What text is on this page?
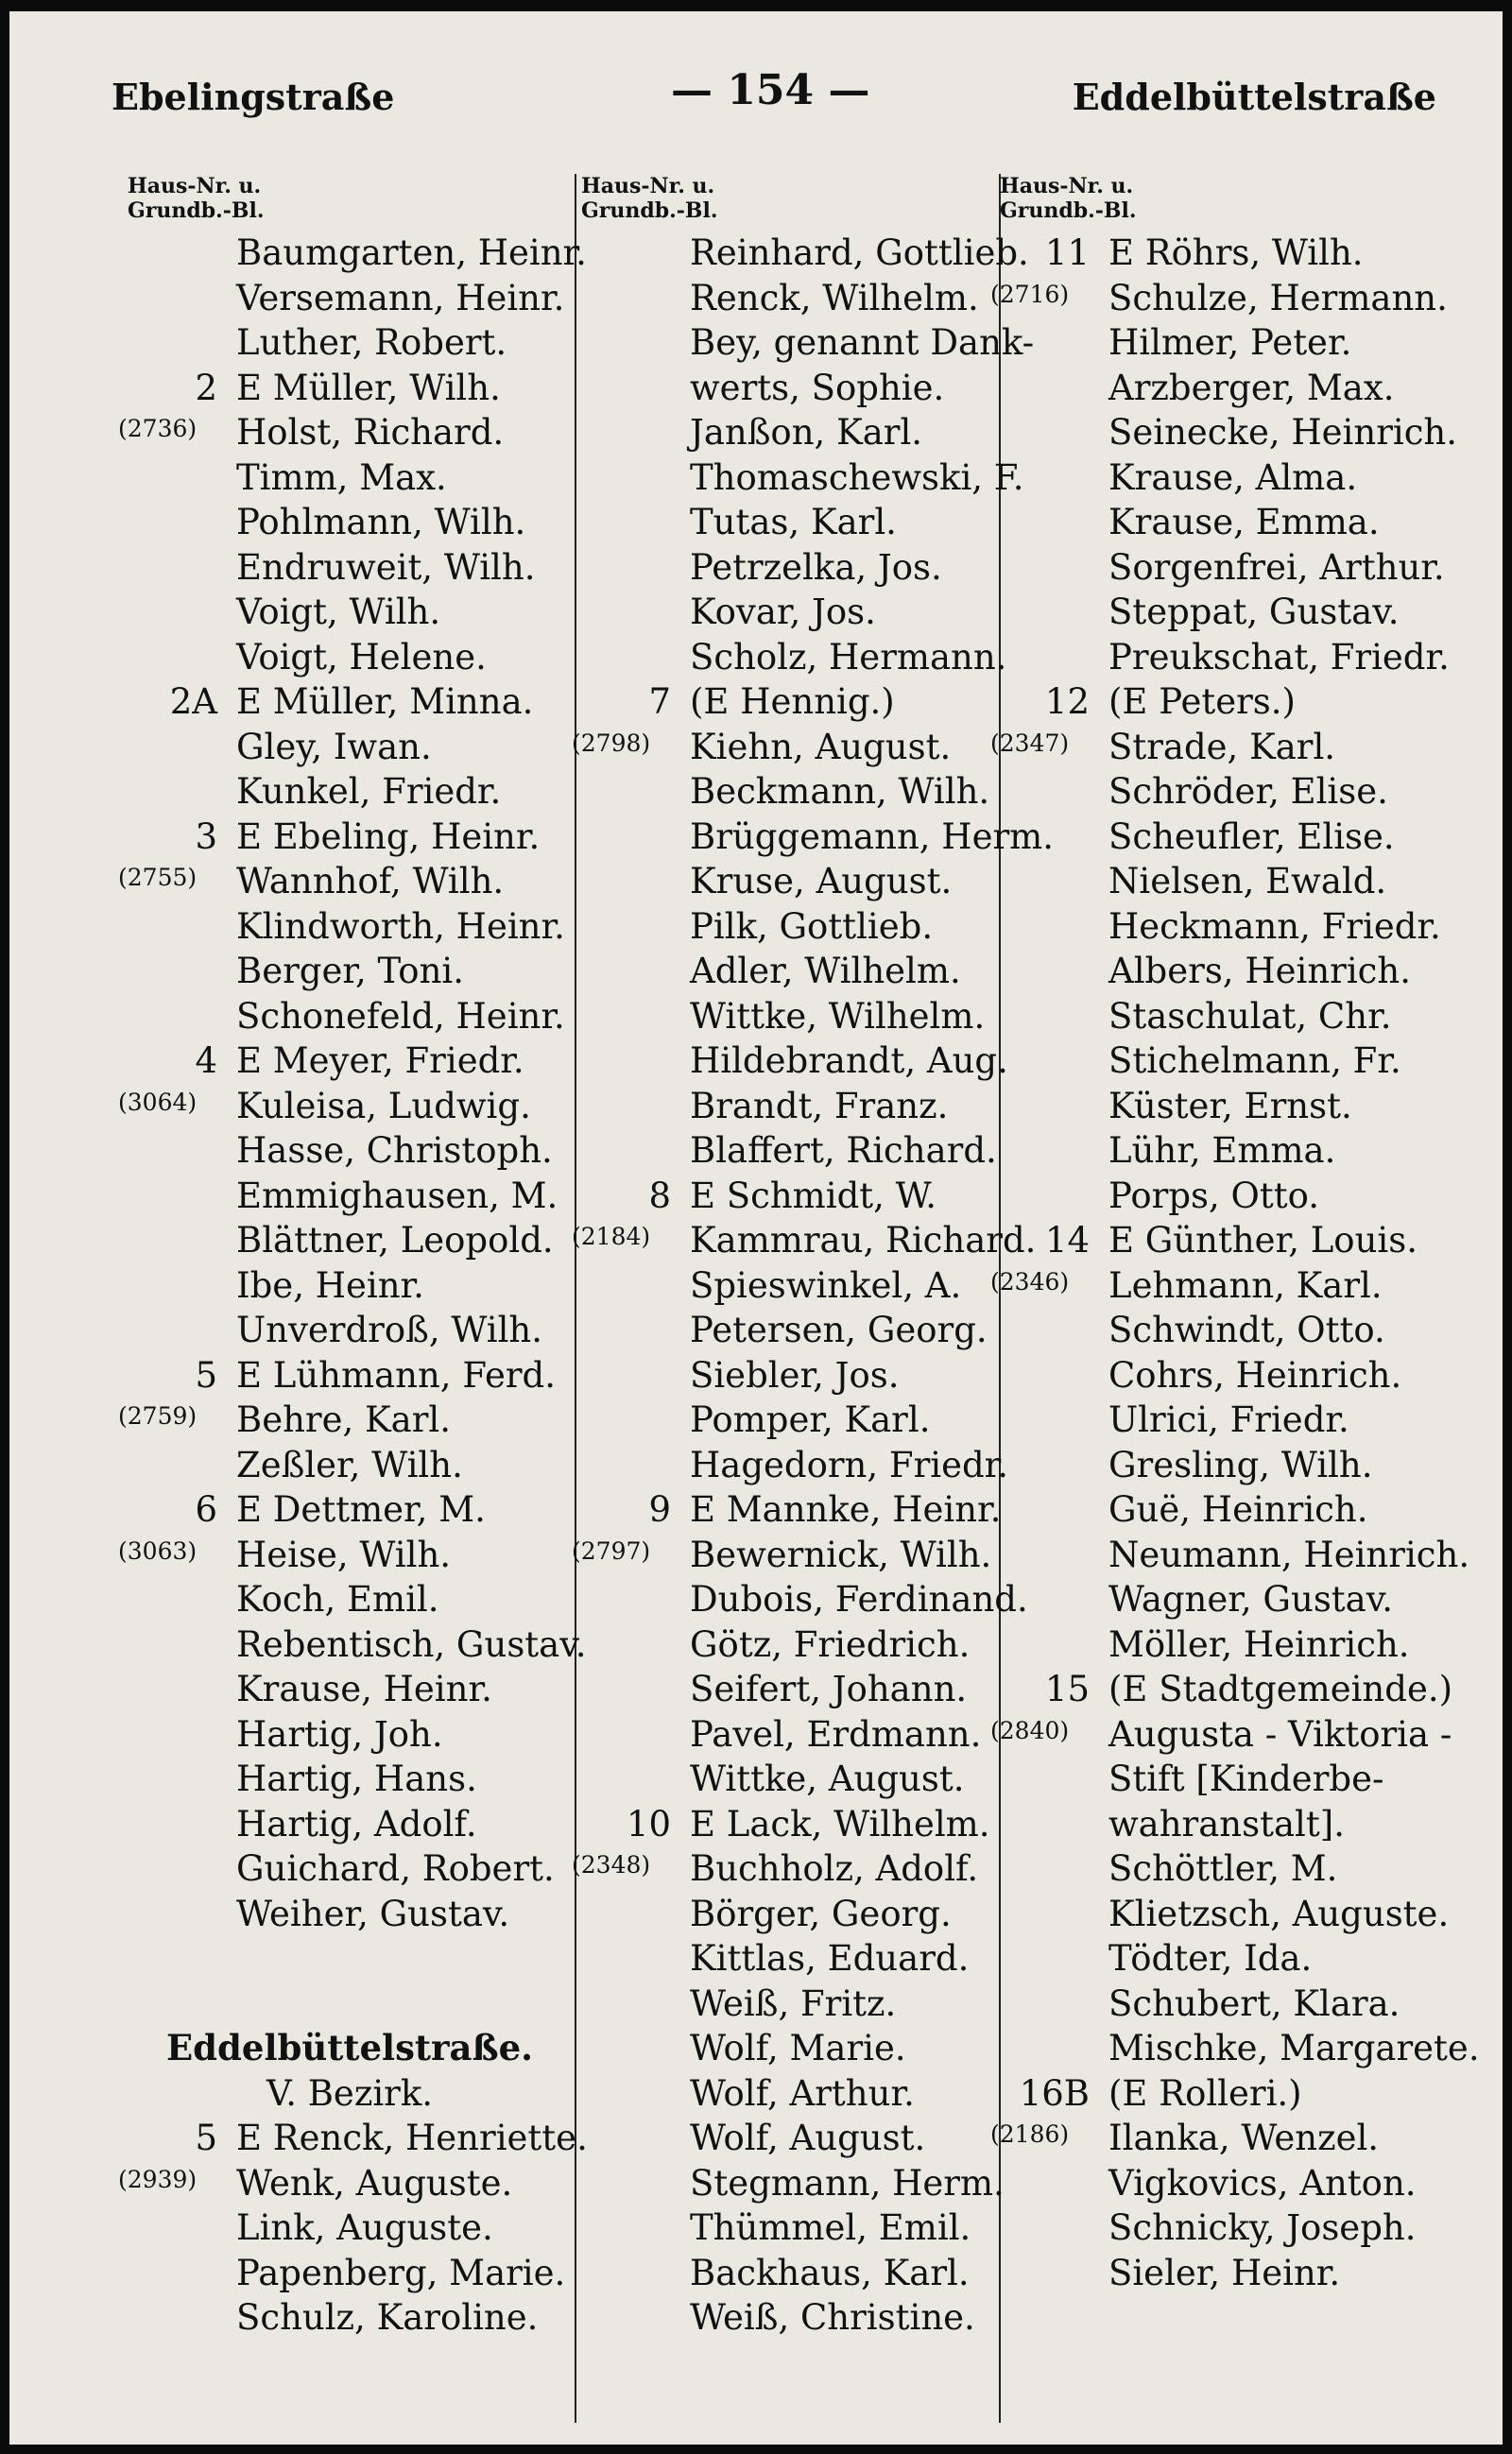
Ebelingstraße	— 154 —	Eddelbüttelstraße
Haus-Nr. u.
Grundb.-Bl.
Baumgarten, Heinr.
Versemann, Heinr.
Luther, Robert.
2 E Müller, Wilh.
(2736) Holst, Richard.
Timm, Max.
Pohlmann, Wilh.
Endruweit, Wilh.
Voigt, Wilh.
Voigt, Helene.
2A E Müller, Minna.
Gley, Iwan.
Kunkel, Friedr.
3 E Ebeling, Heinr.
(2755) Wannhof, Wilh.
Klindworth, Heinr.
Berger, Toni.
Schonefeld, Heinr.
4 E Meyer, Friedr.
(3064) Kuleisa, Ludwig.
Hasse, Christoph.
Emmighausen, M.
Blättner, Leopold.
Ibe, Heinr.
Unverdroß, Wilh.
5 E Lühmann, Ferd.
(2759) Behre, Karl.
Zeßler, Wilh.
6 E Dettmer, M.
(3063) Heise, Wilh.
Koch, Emil.
Rebentisch, Gustav.
Krause, Heinr.
Hartig, Joh.
Hartig, Hans.
Hartig, Adolf.
Guichard, Robert.
Weiher, Gustav.
Eddelbüttelstraße.
V. Bezirk.
5 E Renck, Henriette.
(2939) Wenk, Auguste.
Link, Auguste.
Papenberg, Marie.
Schulz, Karoline.
Haus-Nr. u.
Grundb.-Bl.
Reinhard, Gottlieb.
Renck, Wilhelm.
Bey, genannt Dank-
werts, Sophie.
Janßon, Karl.
Thomaschewski, F.
Tutas, Karl.
Petrzelka, Jos.
Kovar, Jos.
Scholz, Hermann.
7 (E Hennig.)
(2798) Kiehn, August.
Beckmann, Wilh.
Brüggemann, Herm.
Kruse, August.
Pilk, Gottlieb.
Adler, Wilhelm.
Wittke, Wilhelm.
Hildebrandt, Aug.
Brandt, Franz.
Blaffert, Richard.
8 E Schmidt, W.
(2184) Kammrau, Richard.
Spieswinkel, A.
Petersen, Georg.
Siebler, Jos.
Pomper, Karl.
Hagedorn, Friedr.
9 E Mannke, Heinr.
(2797) Bewernick, Wilh.
Dubois, Ferdinand.
Götz, Friedrich.
Seifert, Johann.
Pavel, Erdmann.
Wittke, August.
10 E Lack, Wilhelm.
(2348) Buchholz, Adolf.
Börger, Georg.
Kittlas, Eduard.
Weiß, Fritz.
Wolf, Marie.
Wolf, Arthur.
Wolf, August.
Stegmann, Herm.
Thümmel, Emil.
Backhaus, Karl.
Weiß, Christine.
Haus-Nr. u.
Grundb.-Bl.
11 E Röhrs, Wilh.
(2716) Schulze, Hermann.
Hilmer, Peter.
Arzberger, Max.
Seinecke, Heinrich.
Krause, Alma.
Krause, Emma.
Sorgenfrei, Arthur.
Steppat, Gustav.
Preukschat, Friedr.
12 (E Peters.)
(2347) Strade, Karl.
Schröder, Elise.
Scheufler, Elise.
Nielsen, Ewald.
Heckmann, Friedr.
Albers, Heinrich.
Staschulat, Chr.
Stichelmann, Fr.
Küster, Ernst.
Lühr, Emma.
Porps, Otto.
14 E Günther, Louis.
(2346) Lehmann, Karl.
Schwindt, Otto.
Cohrs, Heinrich.
Ulrici, Friedr.
Gresling, Wilh.
Guë, Heinrich.
Neumann, Heinrich.
Wagner, Gustav.
Möller, Heinrich.
15 (E Stadtgemeinde.)
(2840) Augusta - Viktoria -
Stift [Kinderbe-
wahranstalt].
Schöttler, M.
Klietzsch, Auguste.
Tödter, Ida.
Schubert, Klara.
Mischke, Margarete.
16B (E Rolleri.)
(2186) Ilanka, Wenzel.
Vigkovics, Anton.
Schnicky, Joseph.
Sieler, Heinr.
